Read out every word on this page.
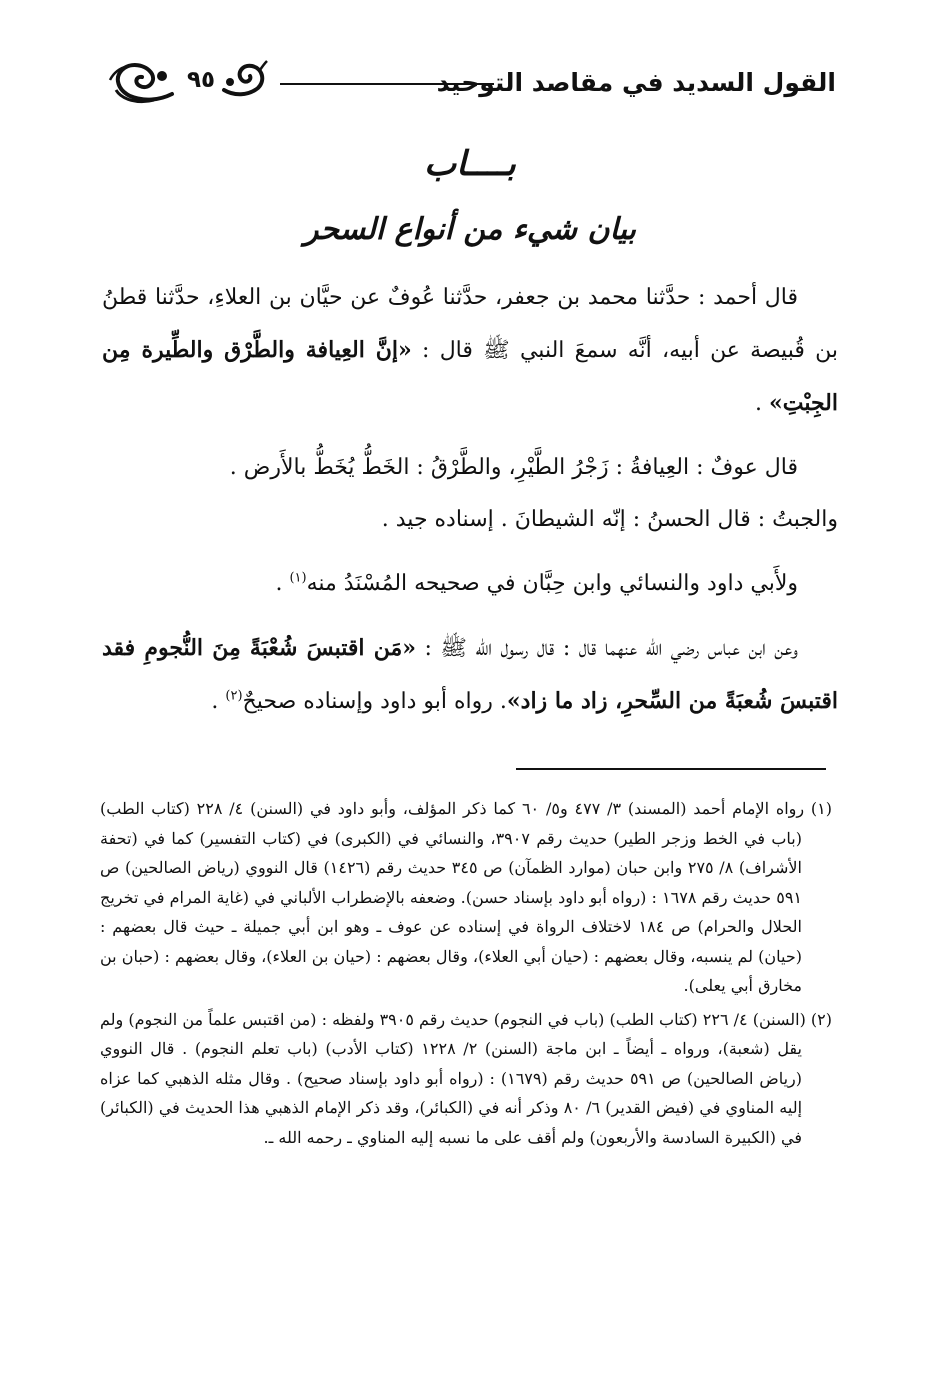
القول السديد في مقاصد التوحيد
٩٥
بــــاب
بيان شيء من أنواع السحر

قال أحمد : حدَّثنا محمد بن جعفر، حدَّثنا عُوفٌ عن حيَّان بن العلاءِ، حدَّثنا قطنُ بن قُبيصة عن أبيه، أنَّه سمعَ النبي ﷺ قال : «إنَّ العِيافة والطَّرْق والطِّيرة مِن الجِبْتِ» .

قال عوفٌ : العِيافةُ : زَجْرُ الطَّيْرِ، والطَّرْقُ : الخَطُّ يُخَطُّ بالأَرض .
والجبتُ : قال الحسنُ : إنّه الشيطانَ . إسناده جيد .

ولأَبي داود والنسائي وابن حِبَّان في صحيحه المُسْنَدُ منه$^{(١)}$ .

وعن ابن عباس رضي الله عنهما قال : قال رسول الله ﷺ : «مَن اقتبسَ شُعْبَةً مِنَ النُّجومِ فقد اقتبسَ شُعبَةً من السِّحرِ، زاد ما زاد». رواه أبو داود وإسناده صحيحٌ$^{(٢)}$ .

(١) رواه الإمام أحمد (المسند) ٣/ ٤٧٧ و٥/ ٦٠ كما ذكر المؤلف، وأبو داود في (السنن) ٤/ ٢٢٨ (كتاب الطب) (باب في الخط وزجر الطير) حديث رقم ٣٩٠٧، والنسائي في (الكبرى) في (كتاب التفسير) كما في (تحفة الأشراف) ٨/ ٢٧٥ وابن حبان (موارد الظمآن) ص ٣٤٥ حديث رقم (١٤٢٦) قال النووي (رياض الصالحين) ص ٥٩١ حديث رقم ١٦٧٨ : (رواه أبو داود بإسناد حسن). وضعفه بالإضطراب الألباني في (غاية المرام في تخريج الحلال والحرام) ص ١٨٤ لاختلاف الرواة في إسناده عن عوف ـ وهو ابن أبي جميلة ـ حيث قال بعضهم : (حيان) لم ينسبه، وقال بعضهم : (حيان أبي العلاء)، وقال بعضهم : (حيان بن العلاء)، وقال بعضهم : (حبان بن مخارق أبي يعلى).

(٢) (السنن) ٤/ ٢٢٦ (كتاب الطب) (باب في النجوم) حديث رقم ٣٩٠٥ ولفظه : (من اقتبس علماً من النجوم) ولم يقل (شعبة)، ورواه ـ أيضاً ـ ابن ماجة (السنن) ٢/ ١٢٢٨ (كتاب الأدب) (باب تعلم النجوم) . قال النووي (رياض الصالحين) ص ٥٩١ حديث رقم (١٦٧٩) : (رواه أبو داود بإسناد صحيح) . وقال مثله الذهبي كما عزاه إليه المناوي في (فيض القدير) ٦/ ٨٠ وذكر أنه في (الكبائر)، وقد ذكر الإمام الذهبي هذا الحديث في (الكبائر) في (الكبيرة السادسة والأربعون) ولم أقف على ما نسبه إليه المناوي ـ رحمه الله ـ.
